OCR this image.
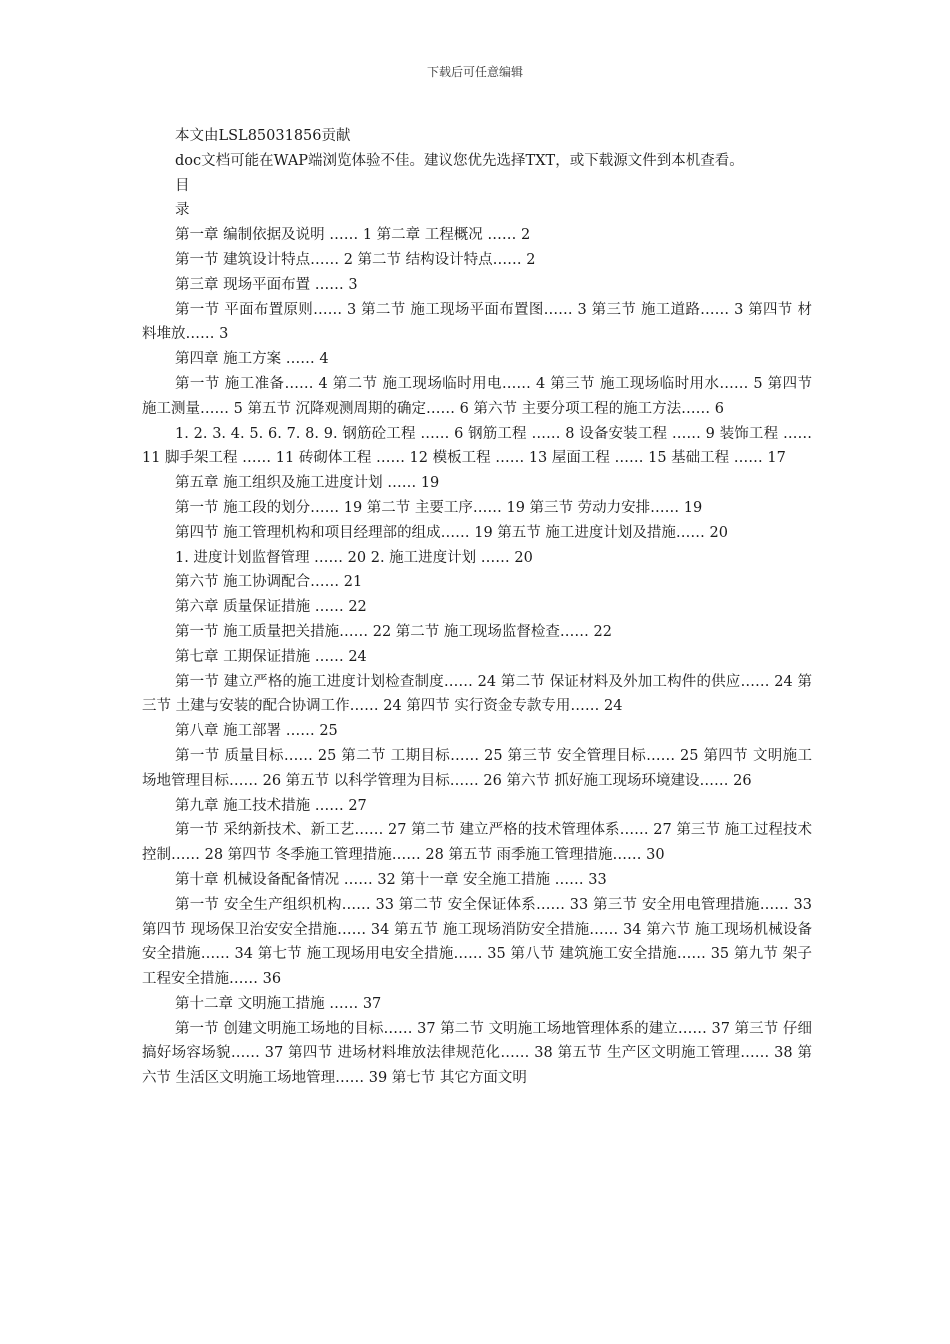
下载后可任意编辑

本文由LSL85031856贡献

doc文档可能在WAP端浏览体验不佳。建议您优先选择TXT，或下载源文件到本机查看。

目

录

第一章 编制依据及说明 …… 1 第二章 工程概况 …… 2

第一节 建筑设计特点…… 2 第二节 结构设计特点…… 2

第三章 现场平面布置 …… 3

第一节 平面布置原则…… 3 第二节 施工现场平面布置图…… 3 第三节 施工道路…… 3 第四节 材料堆放…… 3

第四章 施工方案 …… 4

第一节 施工准备…… 4 第二节 施工现场临时用电…… 4 第三节 施工现场临时用水…… 5 第四节 施工测量…… 5 第五节 沉降观测周期的确定…… 6 第六节 主要分项工程的施工方法…… 6

1. 2. 3. 4. 5. 6. 7. 8. 9. 钢筋砼工程 …… 6 钢筋工程 …… 8 设备安装工程 …… 9 装饰工程 …… 11 脚手架工程 …… 11 砖砌体工程 …… 12 模板工程 …… 13 屋面工程 …… 15 基础工程 …… 17

第五章 施工组织及施工进度计划 …… 19

第一节 施工段的划分…… 19 第二节 主要工序…… 19 第三节 劳动力安排…… 19

第四节 施工管理机构和项目经理部的组成…… 19 第五节 施工进度计划及措施…… 20

1. 进度计划监督管理 …… 20 2. 施工进度计划 …… 20

第六节 施工协调配合…… 21

第六章 质量保证措施 …… 22

第一节 施工质量把关措施…… 22 第二节 施工现场监督检查…… 22

第七章 工期保证措施 …… 24

第一节 建立严格的施工进度计划检查制度…… 24 第二节 保证材料及外加工构件的供应…… 24 第三节 土建与安装的配合协调工作…… 24 第四节 实行资金专款专用…… 24

第八章 施工部署 …… 25

第一节 质量目标…… 25 第二节 工期目标…… 25 第三节 安全管理目标…… 25 第四节 文明施工场地管理目标…… 26 第五节 以科学管理为目标…… 26 第六节 抓好施工现场环境建设…… 26

第九章 施工技术措施 …… 27

第一节 采纳新技术、新工艺…… 27 第二节 建立严格的技术管理体系…… 27 第三节 施工过程技术控制…… 28 第四节 冬季施工管理措施…… 28 第五节 雨季施工管理措施…… 30

第十章 机械设备配备情况 …… 32 第十一章 安全施工措施 …… 33

第一节 安全生产组织机构…… 33 第二节 安全保证体系…… 33 第三节 安全用电管理措施…… 33 第四节 现场保卫治安安全措施…… 34 第五节 施工现场消防安全措施…… 34 第六节 施工现场机械设备安全措施…… 34 第七节 施工现场用电安全措施…… 35 第八节 建筑施工安全措施…… 35 第九节 架子工程安全措施…… 36

第十二章 文明施工措施 …… 37

第一节 创建文明施工场地的目标…… 37 第二节 文明施工场地管理体系的建立…… 37 第三节 仔细搞好场容场貌…… 37 第四节 进场材料堆放法律规范化…… 38 第五节 生产区文明施工管理…… 38 第六节 生活区文明施工场地管理…… 39 第七节 其它方面文明
